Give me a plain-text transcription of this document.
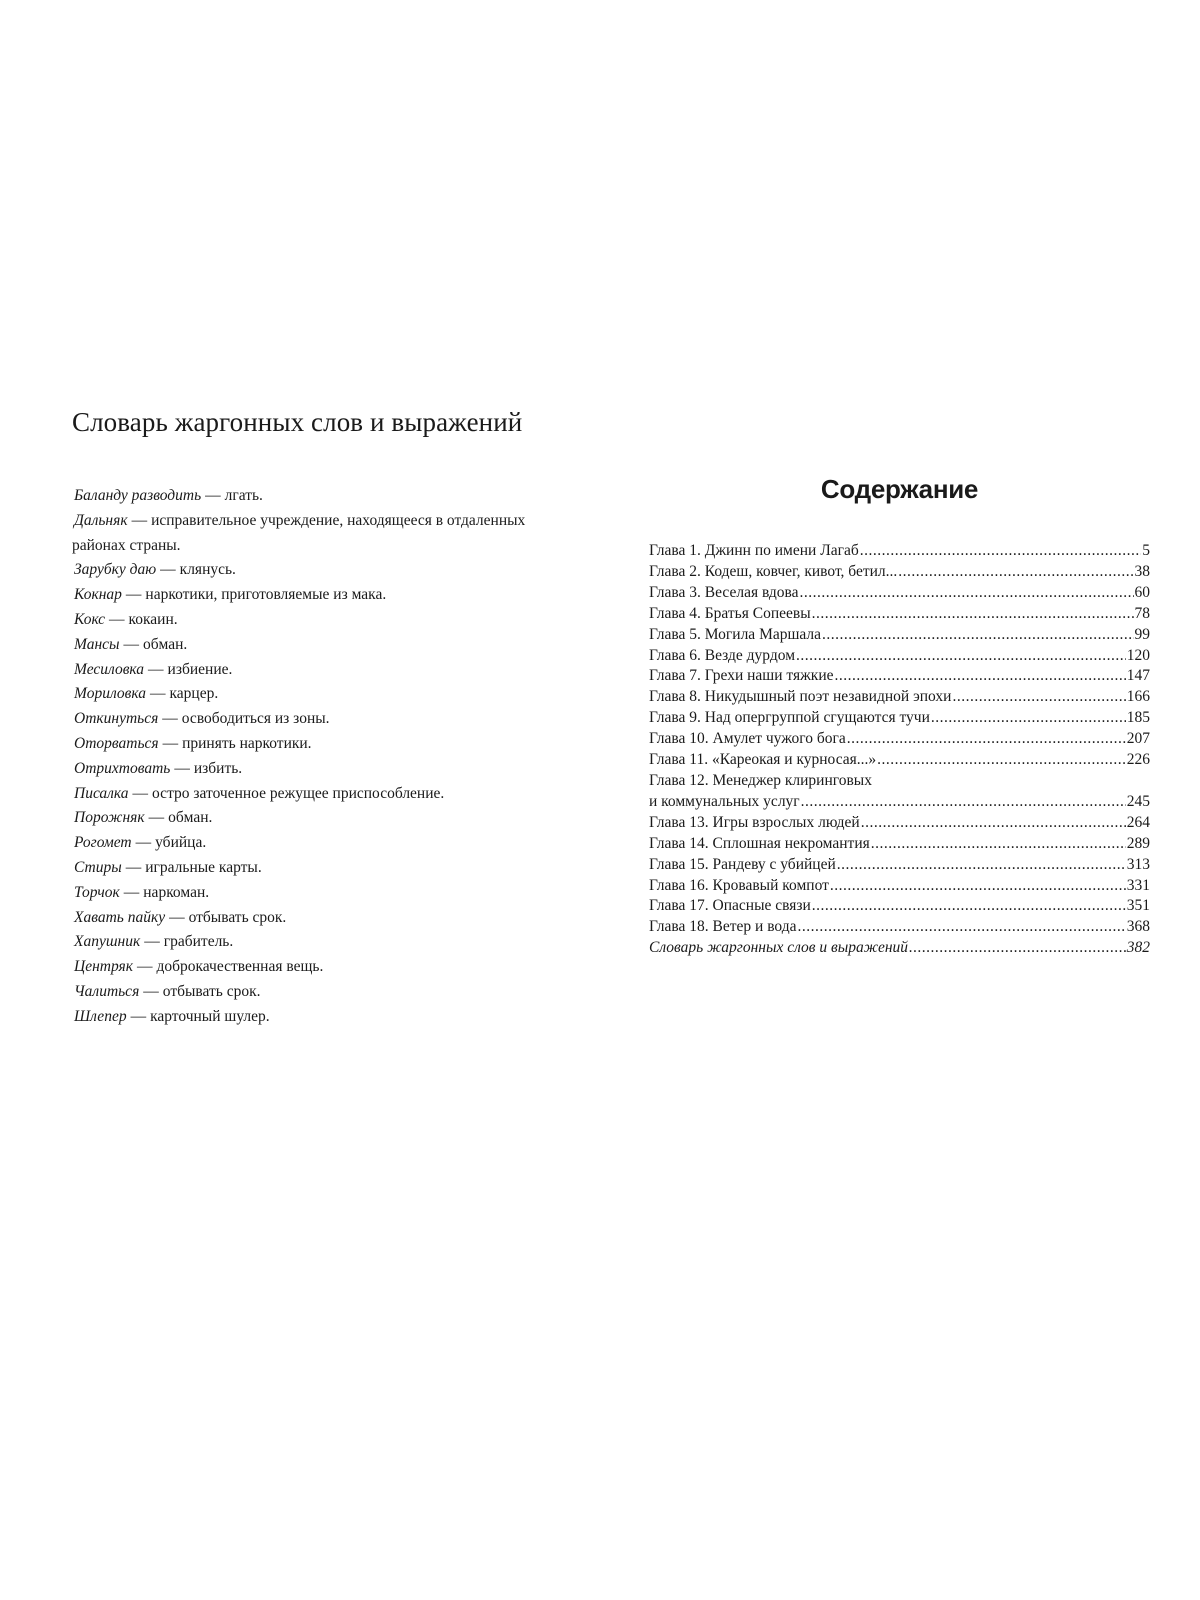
Словарь жаргонных слов и выражений
Баланду разводить — лгать.
Дальняк — исправительное учреждение, находящееся в отдаленных
районах страны.
Зарубку даю — клянусь.
Кокнар — наркотики, приготовляемые из мака.
Кокс — кокаин.
Мансы — обман.
Месиловка — избиение.
Мориловка — карцер.
Откинуться — освободиться из зоны.
Оторваться — принять наркотики.
Отрихтовать — избить.
Писалка — остро заточенное режущее приспособление.
Порожняк — обман.
Рогомет — убийца.
Стиры — игральные карты.
Торчок — наркоман.
Хавать пайку — отбывать срок.
Хапушник — грабитель.
Центряк — доброкачественная вещь.
Чалиться — отбывать срок.
Шлепер — карточный шулер.
Содержание
Глава 1. Джинн по имени Лагаб .....	5
Глава 2. Кодеш, ковчег, кивот, бетил... .....	38
Глава 3. Веселая вдова .....	60
Глава 4. Братья Сопеевы .....	78
Глава 5. Могила Маршала .....	99
Глава 6. Везде дурдом .....	120
Глава 7. Грехи наши тяжкие .....	147
Глава 8. Никудышный поэт незавидной эпохи .....	166
Глава 9. Над опергруппой сгущаются тучи .....	185
Глава 10. Амулет чужого бога .....	207
Глава 11. «Кареокая и курносая...» .....	226
Глава 12. Менеджер клиринговых
и коммунальных услуг .....	245
Глава 13. Игры взрослых людей .....	264
Глава 14. Сплошная некромантия .....	289
Глава 15. Рандеву с убийцей .....	313
Глава 16. Кровавый компот .....	331
Глава 17. Опасные связи .....	351
Глава 18. Ветер и вода .....	368
Словарь жаргонных слов и выражений .....	382
